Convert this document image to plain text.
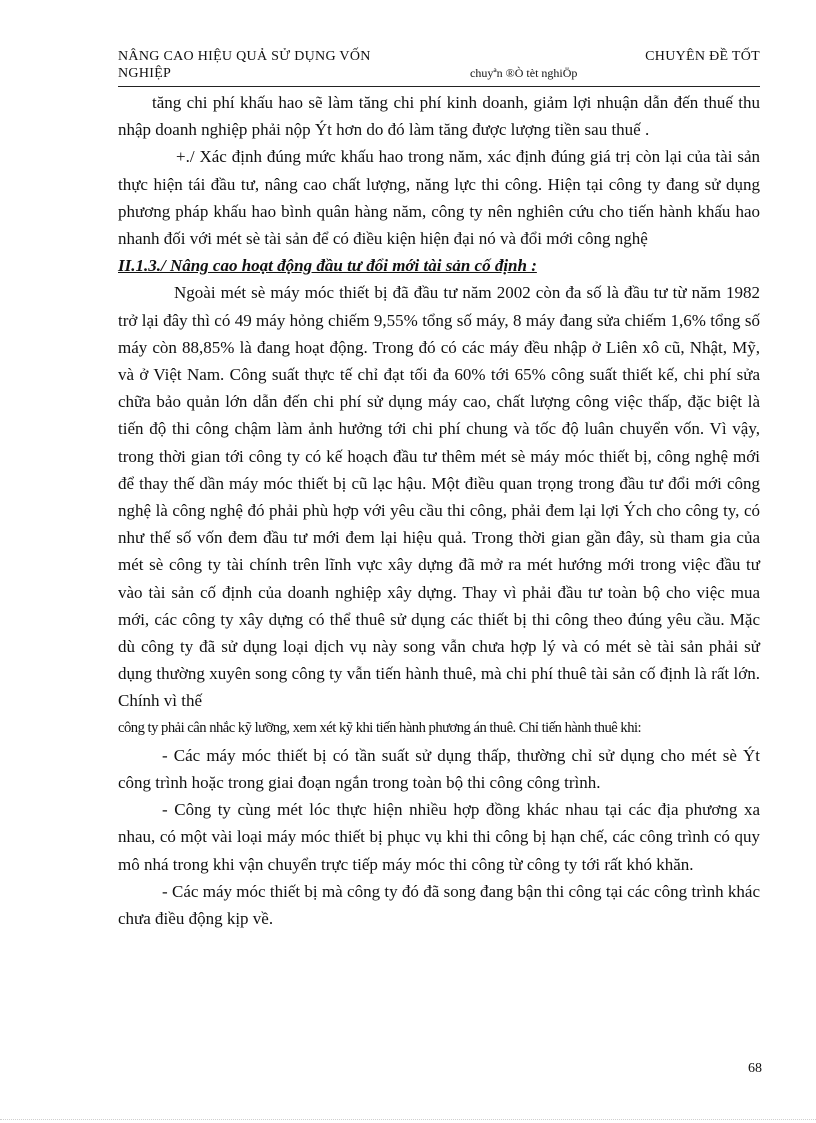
NÂNG CAO HIỆU QUẢ SỬ DỤNG VỐN
NGHIỆP
CHUYÊN ĐỀ TỐT
chuyªn ®Ò tèt nghiÖp

tăng chi phí khấu hao sẽ làm tăng chi phí kinh doanh, giảm lợi nhuận dẫn đến thuế thu nhập doanh nghiệp phải nộp Ýt hơn do đó làm tăng được lượng tiền sau thuế .

+./ Xác định đúng mức khấu hao trong năm, xác định đúng giá trị còn lại của tài sản thực hiện tái đầu tư, nâng cao chất lượng, năng lực thi công. Hiện tại công ty đang sử dụng phương pháp khấu hao bình quân hàng năm, công ty nên nghiên cứu cho tiến hành khấu hao nhanh đối với mét sè tài sản để có điều kiện hiện đại nó và đổi mới công nghệ

II.1.3./ Nâng cao hoạt động đầu tư đổi mới tài sản cố định :

Ngoài mét sè máy móc thiết bị đã đầu tư năm 2002 còn đa số là đầu tư từ năm 1982 trở lại đây thì có 49 máy hỏng chiếm 9,55% tổng số máy, 8 máy đang sửa chiếm 1,6% tổng số máy còn 88,85% là đang hoạt động. Trong đó có các máy đều nhập ở Liên xô cũ, Nhật, Mỹ, và ở Việt Nam. Công suất thực tế chỉ đạt tối đa 60% tới 65% công suất thiết kế, chi phí sửa chữa bảo quản lớn dẫn đến chi phí sử dụng máy cao, chất lượng công việc thấp, đặc biệt là tiến độ thi công chậm làm ảnh hưởng tới chi phí chung và tốc độ luân chuyển vốn. Vì vậy, trong thời gian tới công ty có kế hoạch đầu tư thêm mét sè máy móc thiết bị, công nghệ mới để thay thế dần máy móc thiết bị cũ lạc hậu. Một điều quan trọng trong đầu tư đổi mới công nghệ là công nghệ đó phải phù hợp với yêu cầu thi công, phải đem lại lợi Ých cho công ty, có như thế số vốn đem đầu tư mới đem lại hiệu quả. Trong thời gian gần đây, sù tham gia của mét sè công ty tài chính trên lĩnh vực xây dựng đã mở ra mét hướng mới trong việc đầu tư vào tài sản cố định của doanh nghiệp xây dựng. Thay vì phải đầu tư toàn bộ cho việc mua mới, các công ty xây dựng có thể thuê sử dụng các thiết bị thi công theo đúng yêu cầu. Mặc dù công ty đã sử dụng loại dịch vụ này song vẫn chưa hợp lý và có mét sè tài sản phải sử dụng thường xuyên song công ty vẫn tiến hành thuê, mà chi phí thuê tài sản cố định là rất lớn. Chính vì thế

công ty phải cân nhắc kỹ lưỡng, xem xét kỹ khi tiến hành phương án thuê. Chỉ tiến hành thuê khi:

- Các máy móc thiết bị có tần suất sử dụng thấp, thường chỉ sử dụng cho mét sè Ýt công trình hoặc trong giai đoạn ngắn trong toàn bộ thi công công trình.

- Công ty cùng mét lóc thực hiện nhiều hợp đồng khác nhau tại các địa phương xa nhau, có một vài loại máy móc thiết bị phục vụ khi thi công bị hạn chế, các công trình có quy mô nhá trong khi vận chuyển trực tiếp máy móc thi công từ công ty tới rất khó khăn.

- Các máy móc thiết bị mà công ty đó đã song đang bận thi công tại các công trình khác chưa điều động kịp về.

68
